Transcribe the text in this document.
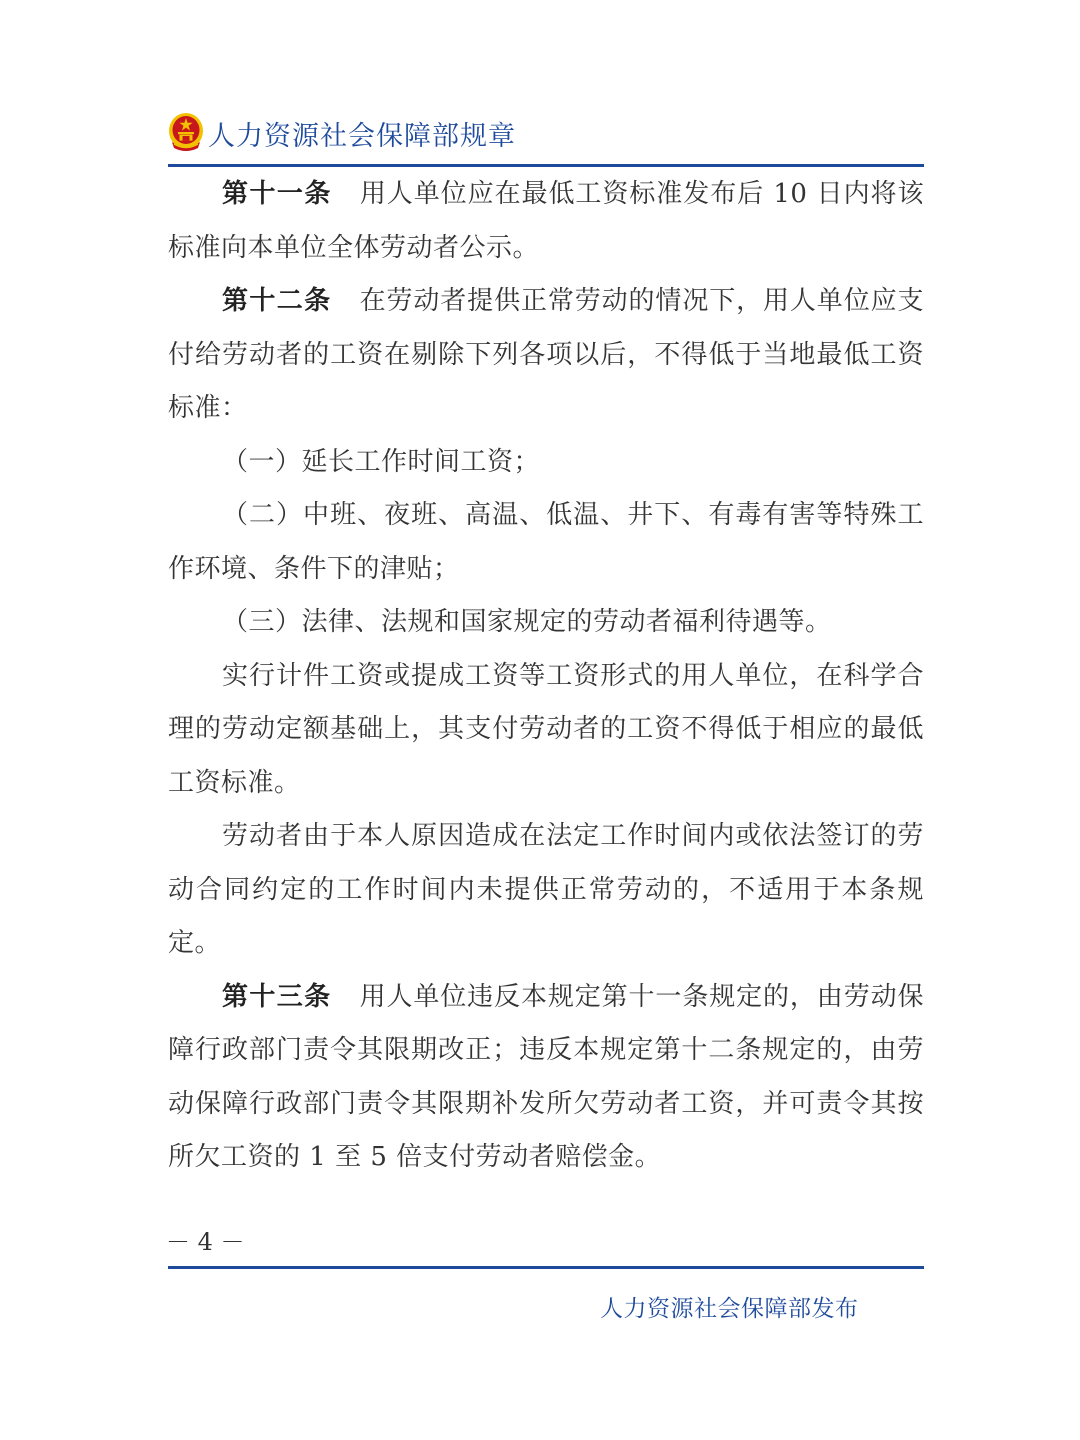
人力资源社会保障部规章

第十一条 用人单位应在最低工资标准发布后 10 日内将该标准向本单位全体劳动者公示。

第十二条 在劳动者提供正常劳动的情况下，用人单位应支付给劳动者的工资在剔除下列各项以后，不得低于当地最低工资标准：

（一）延长工作时间工资；

（二）中班、夜班、高温、低温、井下、有毒有害等特殊工作环境、条件下的津贴；

（三）法律、法规和国家规定的劳动者福利待遇等。

实行计件工资或提成工资等工资形式的用人单位，在科学合理的劳动定额基础上，其支付劳动者的工资不得低于相应的最低工资标准。

劳动者由于本人原因造成在法定工作时间内或依法签订的劳动合同约定的工作时间内未提供正常劳动的，不适用于本条规定。

第十三条 用人单位违反本规定第十一条规定的，由劳动保障行政部门责令其限期改正；违反本规定第十二条规定的，由劳动保障行政部门责令其限期补发所欠劳动者工资，并可责令其按所欠工资的 1 至 5 倍支付劳动者赔偿金。

－ 4 －
人力资源社会保障部发布
